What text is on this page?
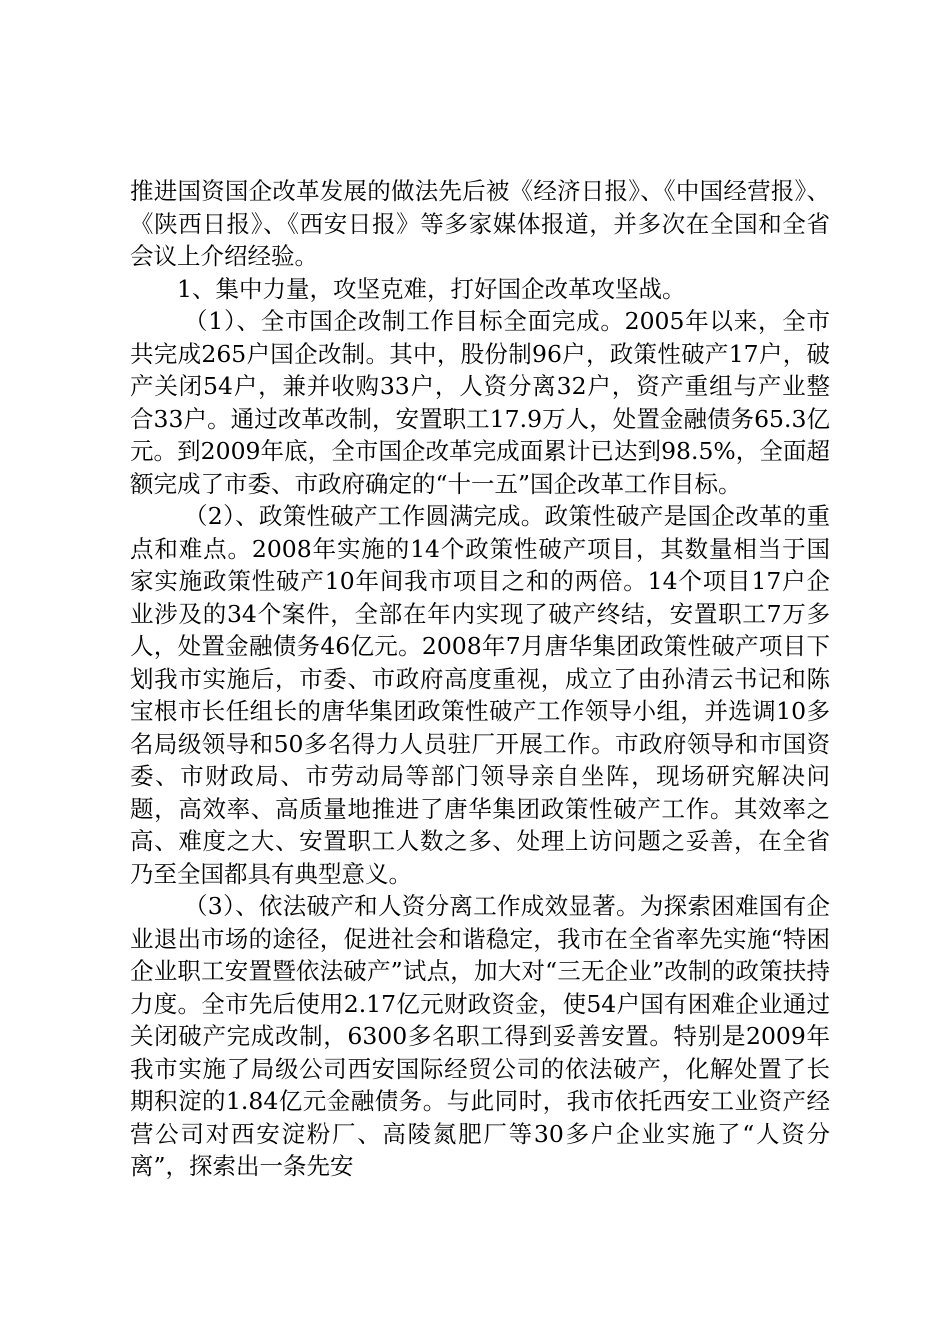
推进国资国企改革发展的做法先后被《经济日报》、《中国经营报》、《陕西日报》、《西安日报》等多家媒体报道，并多次在全国和全省会议上介绍经验。

1、集中力量，攻坚克难，打好国企改革攻坚战。

（1）、全市国企改制工作目标全面完成。2005年以来，全市共完成265户国企改制。其中，股份制96户，政策性破产17户，破产关闭54户，兼并收购33户，人资分离32户，资产重组与产业整合33户。通过改革改制，安置职工17.9万人，处置金融债务65.3亿元。到2009年底，全市国企改革完成面累计已达到98.5%，全面超额完成了市委、市政府确定的“十一五”国企改革工作目标。

（2）、政策性破产工作圆满完成。政策性破产是国企改革的重点和难点。2008年实施的14个政策性破产项目，其数量相当于国家实施政策性破产10年间我市项目之和的两倍。14个项目17户企业涉及的34个案件，全部在年内实现了破产终结，安置职工7万多人，处置金融债务46亿元。2008年7月唐华集团政策性破产项目下划我市实施后，市委、市政府高度重视，成立了由孙清云书记和陈宝根市长任组长的唐华集团政策性破产工作领导小组，并选调10多名局级领导和50多名得力人员驻厂开展工作。市政府领导和市国资委、市财政局、市劳动局等部门领导亲自坐阵，现场研究解决问题，高效率、高质量地推进了唐华集团政策性破产工作。其效率之高、难度之大、安置职工人数之多、处理上访问题之妥善，在全省乃至全国都具有典型意义。

（3）、依法破产和人资分离工作成效显著。为探索困难国有企业退出市场的途径，促进社会和谐稳定，我市在全省率先实施“特困企业职工安置暨依法破产”试点，加大对“三无企业”改制的政策扶持力度。全市先后使用2.17亿元财政资金，使54户国有困难企业通过关闭破产完成改制，6300多名职工得到妥善安置。特别是2009年我市实施了局级公司西安国际经贸公司的依法破产，化解处置了长期积淀的1.84亿元金融债务。与此同时，我市依托西安工业资产经营公司对西安淀粉厂、高陵氮肥厂等30多户企业实施了“人资分离”，探索出一条先安
